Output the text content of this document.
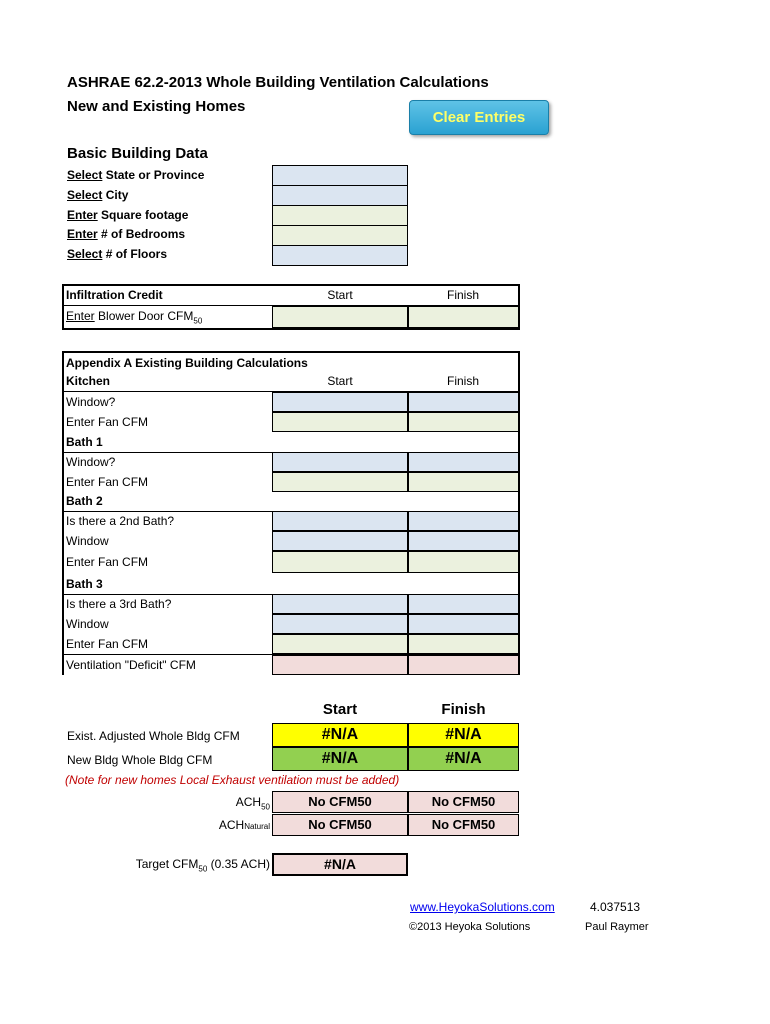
ASHRAE 62.2-2013 Whole Building Ventilation Calculations
New and Existing Homes
Clear Entries
Basic Building Data
Select State or Province
Select City
Enter Square footage
Enter # of Bedrooms
Select # of Floors
Infiltration Credit	Start	Finish
Enter Blower Door $CFM_{50}$
Appendix A Existing Building Calculations
Kitchen	Start	Finish
Window?
Enter Fan CFM
Bath 1
Window?
Enter Fan CFM
Bath 2
Is there a 2nd Bath?
Window
Enter Fan CFM
Bath 3
Is there a 3rd Bath?
Window
Enter Fan CFM
Ventilation "Deficit" CFM
Start	Finish
Exist. Adjusted Whole Bldg CFM	#N/A	#N/A
New Bldg Whole Bldg CFM	#N/A	#N/A
(Note for new homes Local Exhaust ventilation must be added)
$ACH_{50}$	No CFM50	No CFM50
ACHNatural	No CFM50	No CFM50
Target $CFM_{50}$ (0.35 ACH)	#N/A
www.HeyokaSolutions.com
©2013 Heyoka Solutions
4.037513
Paul Raymer
